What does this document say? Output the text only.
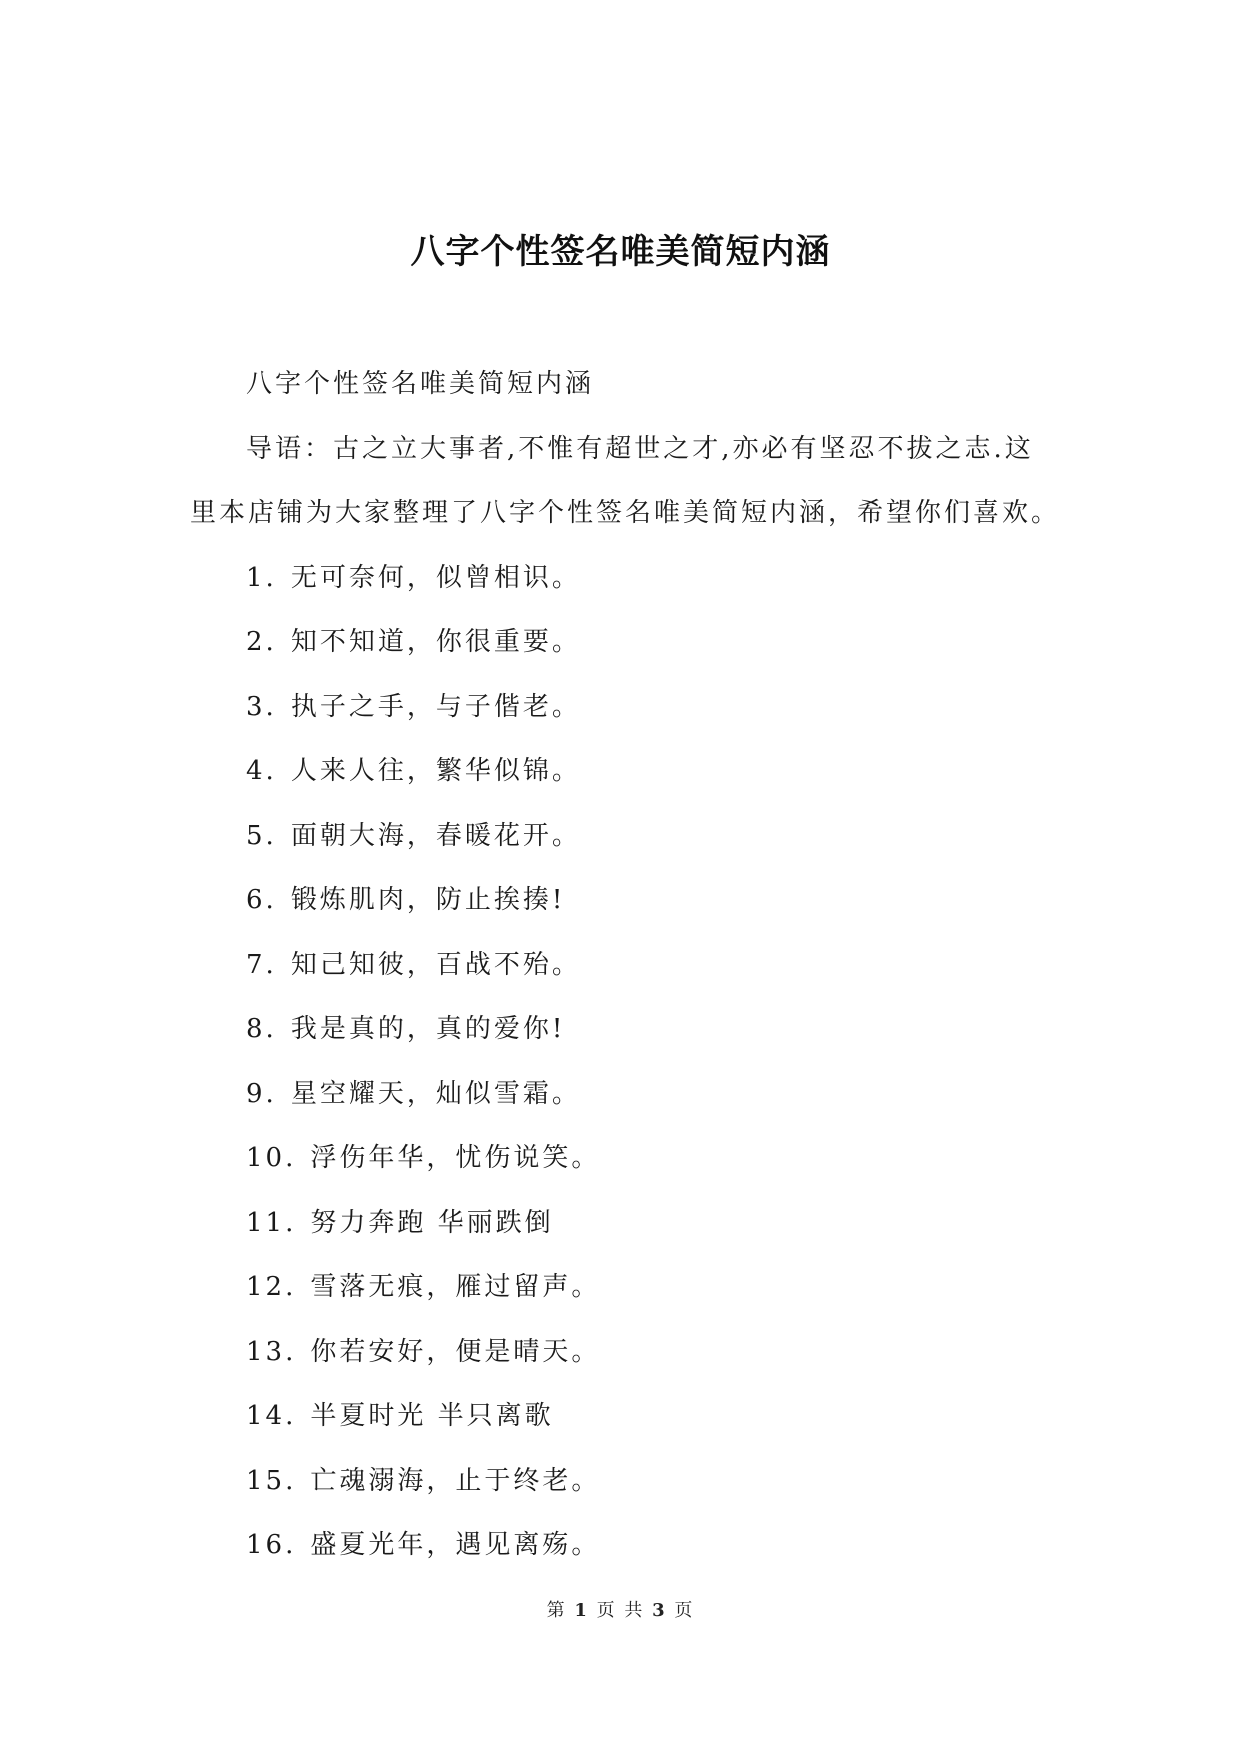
八字个性签名唯美简短内涵

八字个性签名唯美简短内涵

导语：古之立大事者,不惟有超世之才,亦必有坚忍不拔之志.这里本店铺为大家整理了八字个性签名唯美简短内涵，希望你们喜欢。

1. 无可奈何，似曾相识。
2. 知不知道，你很重要。
3. 执子之手，与子偕老。
4. 人来人往，繁华似锦。
5. 面朝大海，春暖花开。
6. 锻炼肌肉，防止挨揍!
7. 知己知彼，百战不殆。
8. 我是真的，真的爱你!
9. 星空耀天，灿似雪霜。
10. 浮伤年华，忧伤说笑。
11. 努力奔跑 华丽跌倒
12. 雪落无痕，雁过留声。
13. 你若安好，便是晴天。
14. 半夏时光 半只离歌
15. 亡魂溺海，止于终老。
16. 盛夏光年，遇见离殇。
第 1 页 共 3 页
